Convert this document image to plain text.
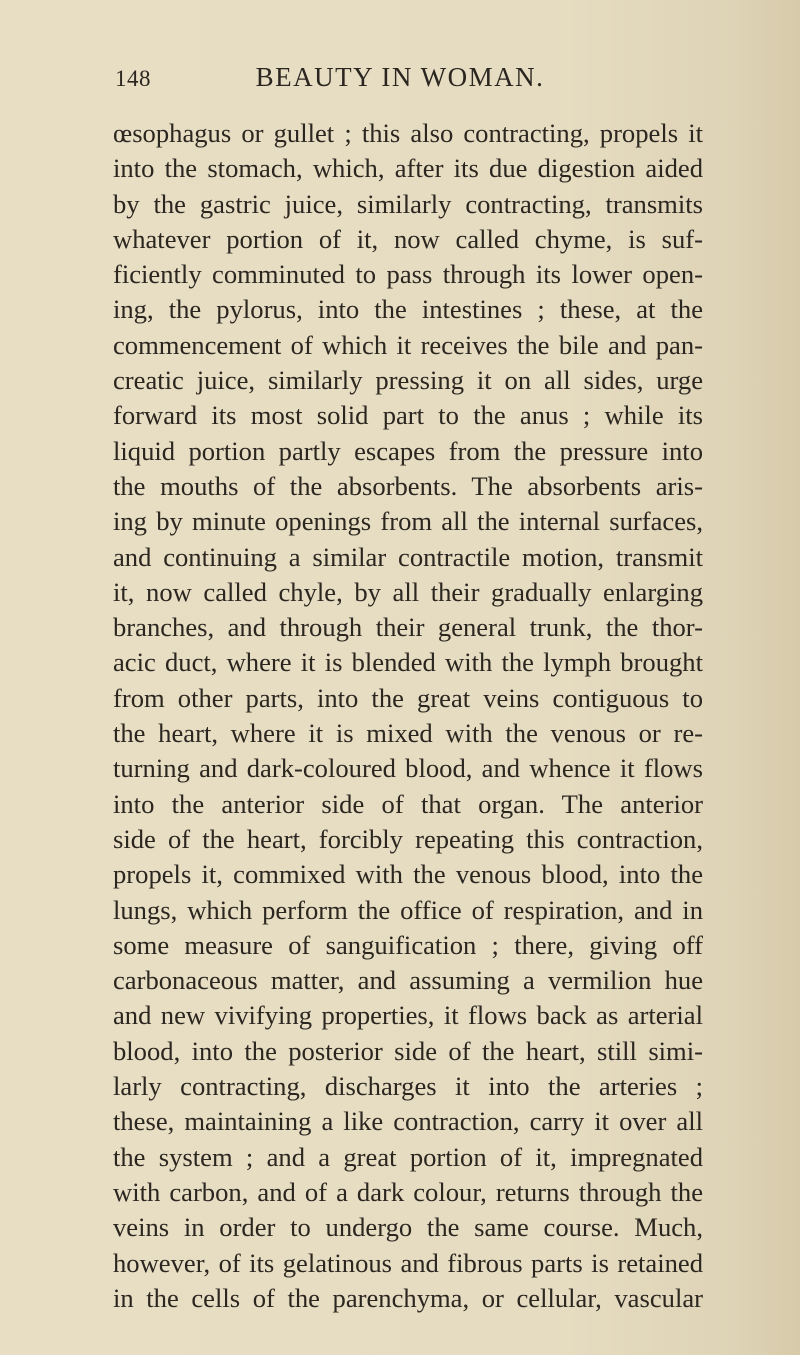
148	BEAUTY IN WOMAN.
œsophagus or gullet ; this also contracting, propels it
into the stomach, which, after its due digestion aided
by the gastric juice, similarly contracting, transmits
whatever portion of it, now called chyme, is suf-
ficiently comminuted to pass through its lower open-
ing, the pylorus, into the intestines ; these, at the
commencement of which it receives the bile and pan-
creatic juice, similarly pressing it on all sides, urge
forward its most solid part to the anus ; while its
liquid portion partly escapes from the pressure into
the mouths of the absorbents. The absorbents aris-
ing by minute openings from all the internal surfaces,
and continuing a similar contractile motion, transmit
it, now called chyle, by all their gradually enlarging
branches, and through their general trunk, the thor-
acic duct, where it is blended with the lymph brought
from other parts, into the great veins contiguous to
the heart, where it is mixed with the venous or re-
turning and dark-coloured blood, and whence it flows
into the anterior side of that organ. The anterior
side of the heart, forcibly repeating this contraction,
propels it, commixed with the venous blood, into the
lungs, which perform the office of respiration, and in
some measure of sanguification ; there, giving off
carbonaceous matter, and assuming a vermilion hue
and new vivifying properties, it flows back as arterial
blood, into the posterior side of the heart, still simi-
larly contracting, discharges it into the arteries ;
these, maintaining a like contraction, carry it over all
the system ; and a great portion of it, impregnated
with carbon, and of a dark colour, returns through the
veins in order to undergo the same course. Much,
however, of its gelatinous and fibrous parts is retained
in the cells of the parenchyma, or cellular, vascular
